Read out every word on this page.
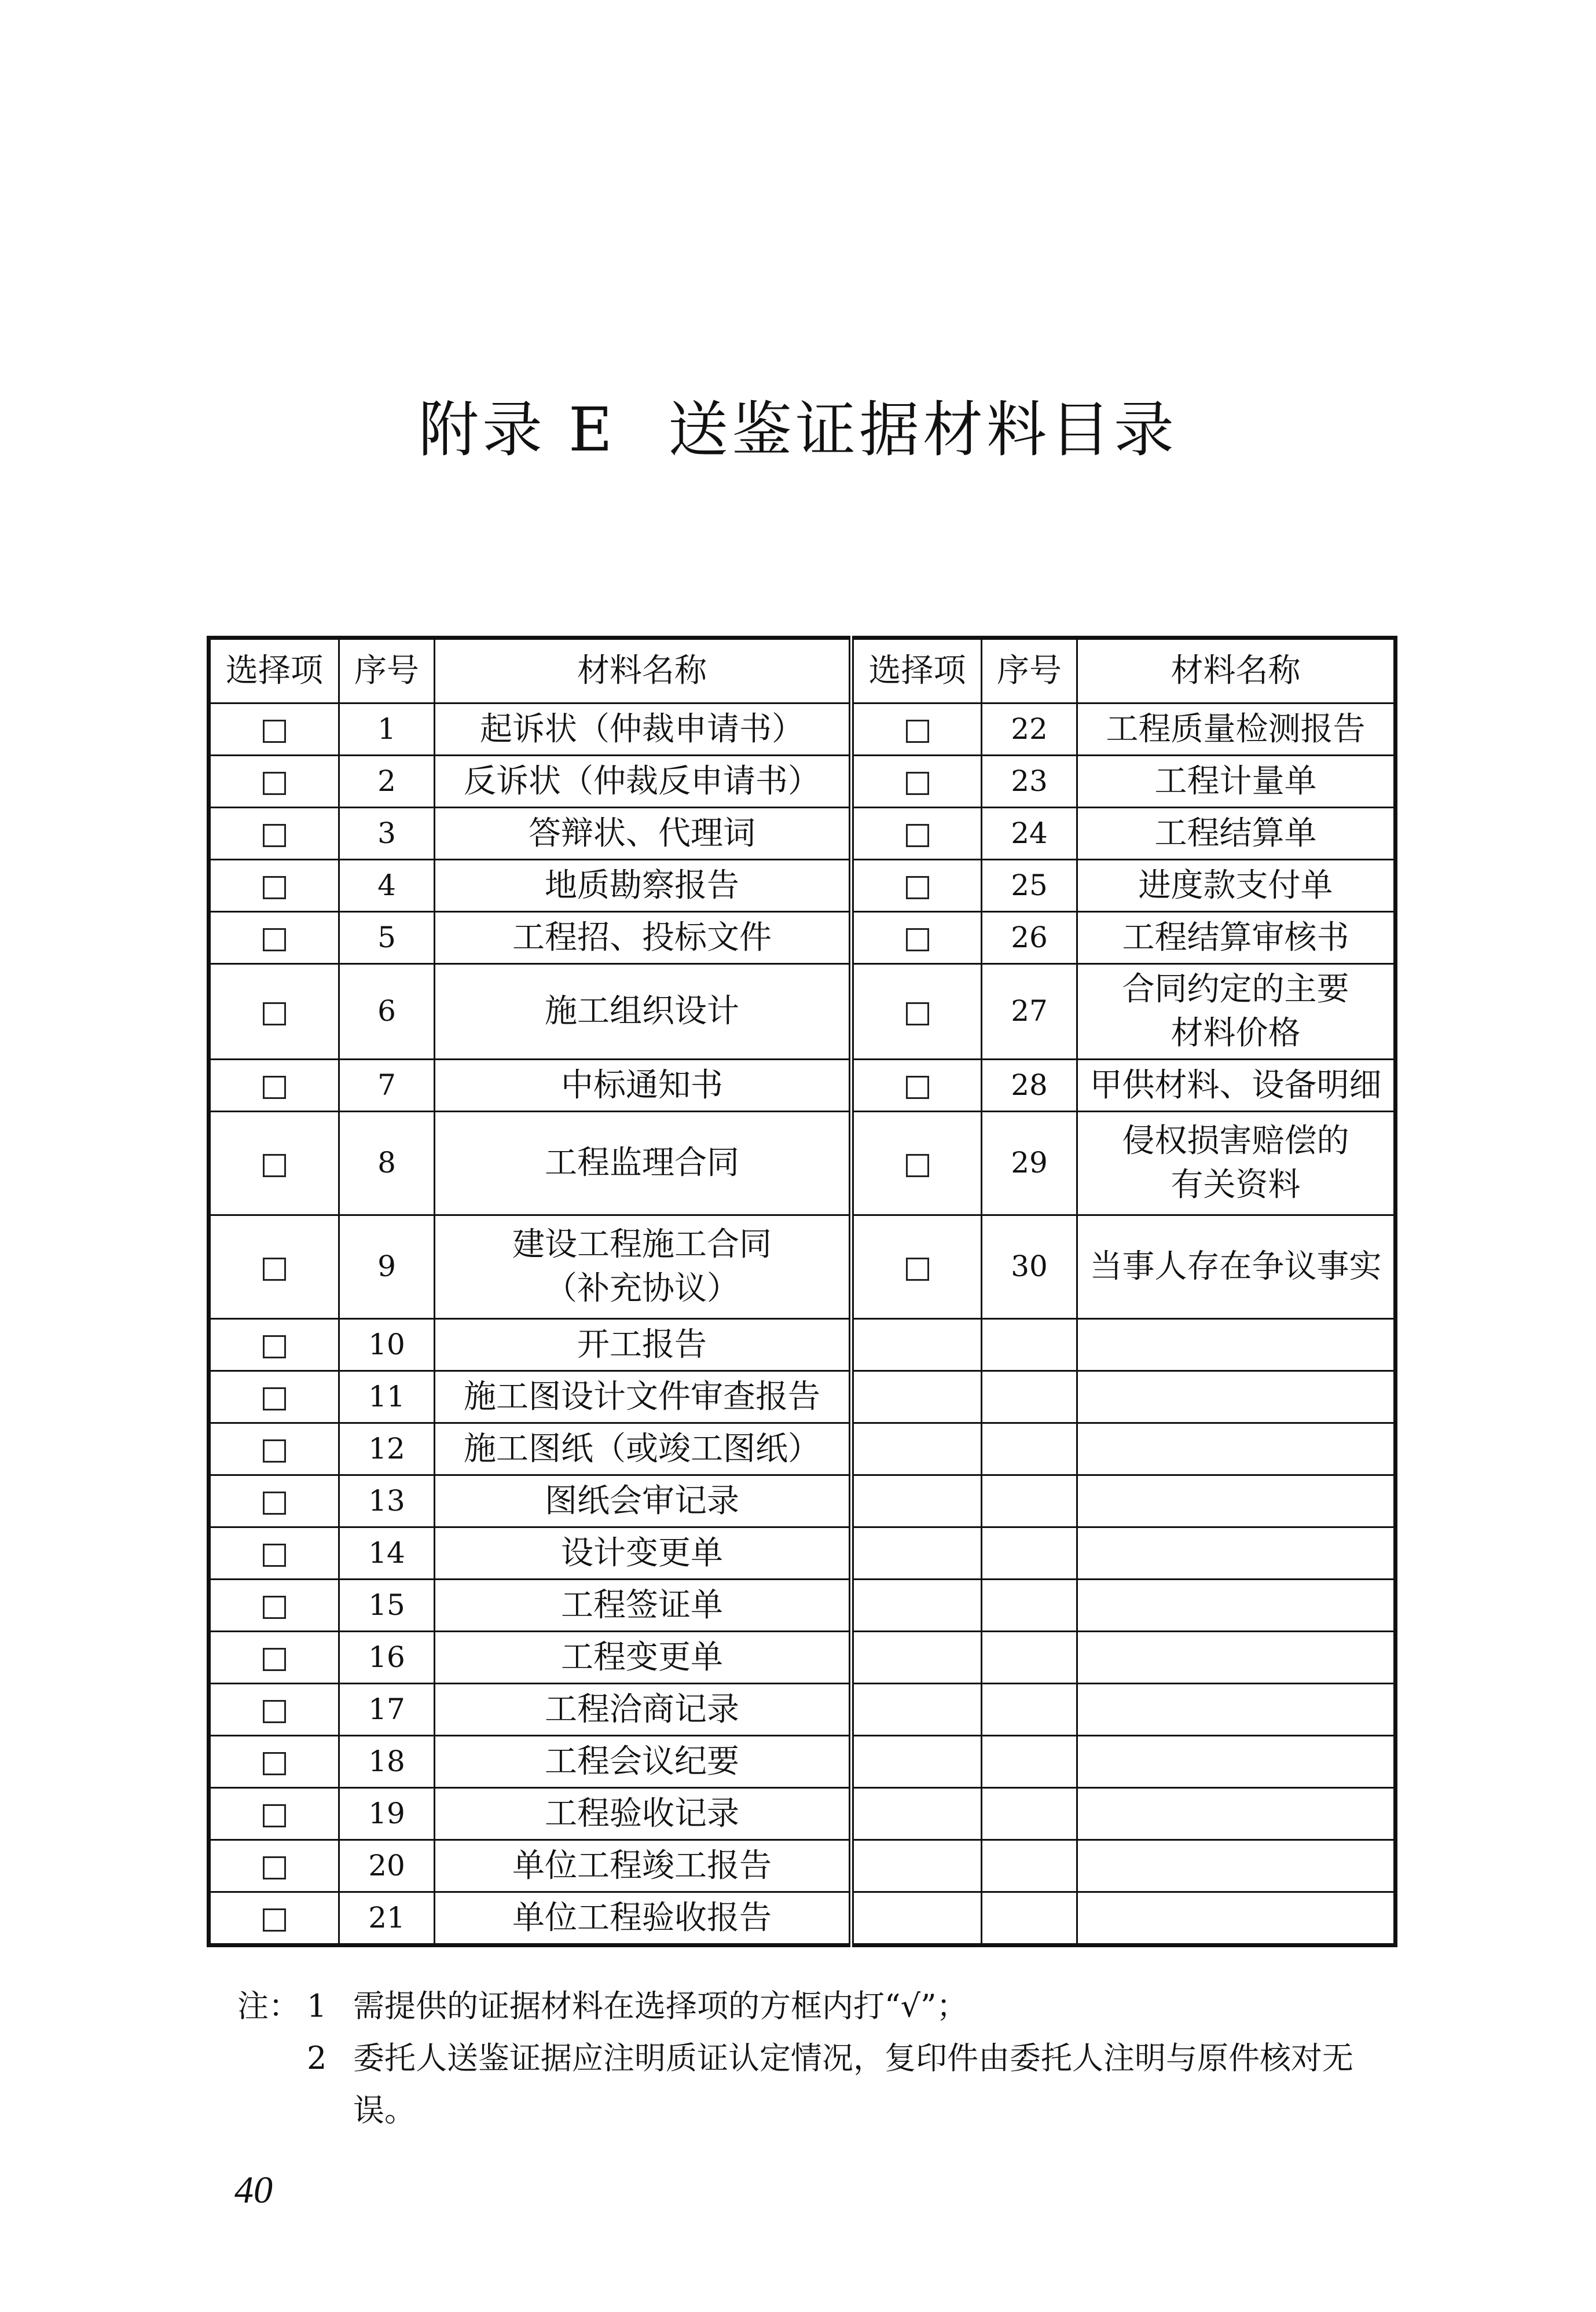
附录 E 送鉴证据材料目录
选择项	序号	材料名称	选择项	序号	材料名称
	1	起诉状（仲裁申请书）		22	工程质量检测报告
	2	反诉状（仲裁反申请书）		23	工程计量单
	3	答辩状、代理词		24	工程结算单
	4	地质勘察报告		25	进度款支付单
	5	工程招、投标文件		26	工程结算审核书
	6	施工组织设计		27	合同约定的主要
材料价格
	7	中标通知书		28	甲供材料、设备明细
	8	工程监理合同		29	侵权损害赔偿的
有关资料
	9	建设工程施工合同
（补充协议）		30	当事人存在争议事实
	10	开工报告			
	11	施工图设计文件审查报告			
	12	施工图纸（或竣工图纸）			
	13	图纸会审记录			
	14	设计变更单			
	15	工程签证单			
	16	工程变更单			
	17	工程洽商记录			
	18	工程会议纪要			
	19	工程验收记录			
	20	单位工程竣工报告			
	21	单位工程验收报告			
注： 1 需提供的证据材料在选择项的方框内打“√”；
2 委托人送鉴证据应注明质证认定情况，复印件由委托人注明与原件核对无误。
40
